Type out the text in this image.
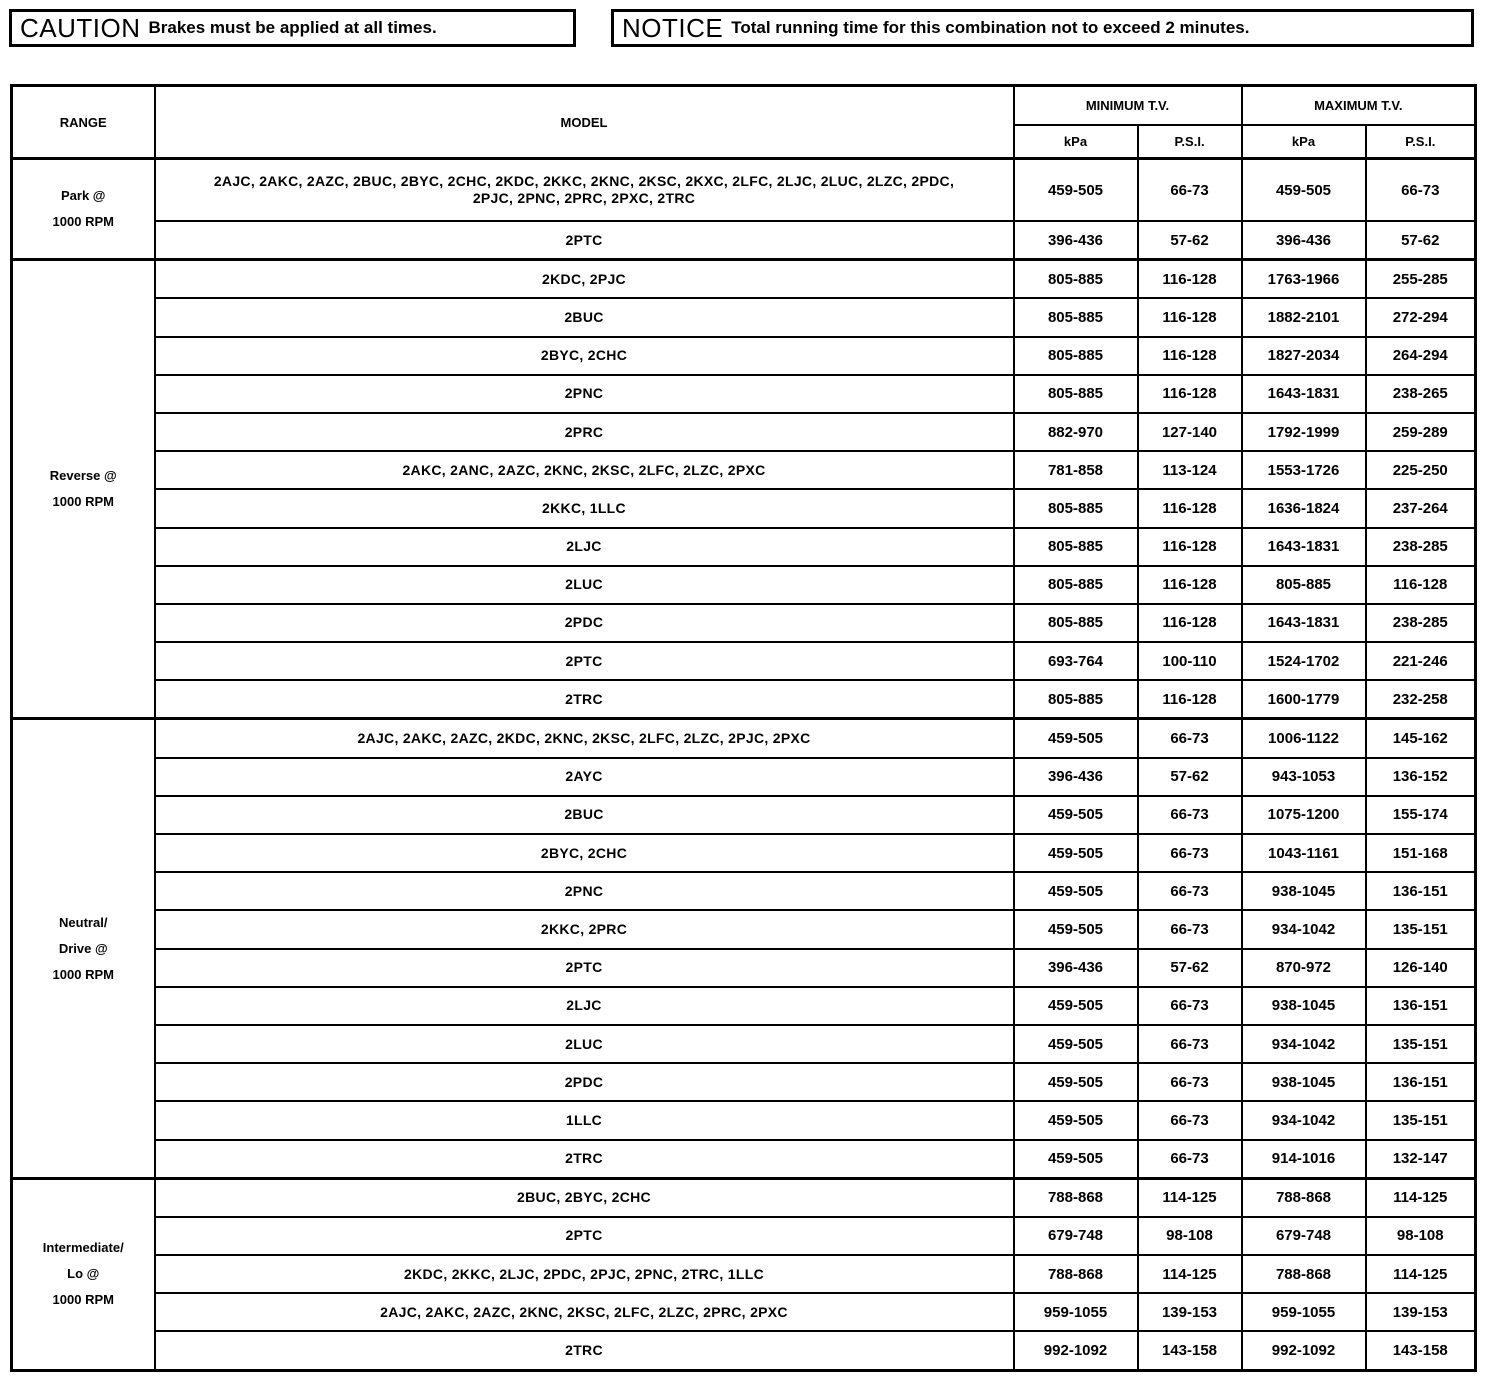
CAUTION Brakes must be applied at all times.	NOTICE Total running time for this combination not to exceed 2 minutes.
RANGE	MODEL	MINIMUM T.V.		MAXIMUM T.V.	
		kPa	P.S.I.	kPa	P.S.I.
Park @
1000 RPM	2AJC, 2AKC, 2AZC, 2BUC, 2BYC, 2CHC, 2KDC, 2KKC, 2KNC, 2KSC, 2KXC, 2LFC, 2LJC, 2LUC, 2LZC, 2PDC,
2PJC, 2PNC, 2PRC, 2PXC, 2TRC	459-505	66-73	459-505	66-73
	2PTC	396-436	57-62	396-436	57-62
Reverse @
1000 RPM	2KDC, 2PJC	805-885	116-128	1763-1966	255-285
	2BUC	805-885	116-128	1882-2101	272-294
	2BYC, 2CHC	805-885	116-128	1827-2034	264-294
	2PNC	805-885	116-128	1643-1831	238-265
	2PRC	882-970	127-140	1792-1999	259-289
	2AKC, 2ANC, 2AZC, 2KNC, 2KSC, 2LFC, 2LZC, 2PXC	781-858	113-124	1553-1726	225-250
	2KKC, 1LLC	805-885	116-128	1636-1824	237-264
	2LJC	805-885	116-128	1643-1831	238-285
	2LUC	805-885	116-128	805-885	116-128
	2PDC	805-885	116-128	1643-1831	238-285
	2PTC	693-764	100-110	1524-1702	221-246
	2TRC	805-885	116-128	1600-1779	232-258
Neutral/
Drive @
1000 RPM	2AJC, 2AKC, 2AZC, 2KDC, 2KNC, 2KSC, 2LFC, 2LZC, 2PJC, 2PXC	459-505	66-73	1006-1122	145-162
	2AYC	396-436	57-62	943-1053	136-152
	2BUC	459-505	66-73	1075-1200	155-174
	2BYC, 2CHC	459-505	66-73	1043-1161	151-168
	2PNC	459-505	66-73	938-1045	136-151
	2KKC, 2PRC	459-505	66-73	934-1042	135-151
	2PTC	396-436	57-62	870-972	126-140
	2LJC	459-505	66-73	938-1045	136-151
	2LUC	459-505	66-73	934-1042	135-151
	2PDC	459-505	66-73	938-1045	136-151
	1LLC	459-505	66-73	934-1042	135-151
	2TRC	459-505	66-73	914-1016	132-147
Intermediate/
Lo @
1000 RPM	2BUC, 2BYC, 2CHC	788-868	114-125	788-868	114-125
	2PTC	679-748	98-108	679-748	98-108
	2KDC, 2KKC, 2LJC, 2PDC, 2PJC, 2PNC, 2TRC, 1LLC	788-868	114-125	788-868	114-125
	2AJC, 2AKC, 2AZC, 2KNC, 2KSC, 2LFC, 2LZC, 2PRC, 2PXC	959-1055	139-153	959-1055	139-153
	2TRC	992-1092	143-158	992-1092	143-158
